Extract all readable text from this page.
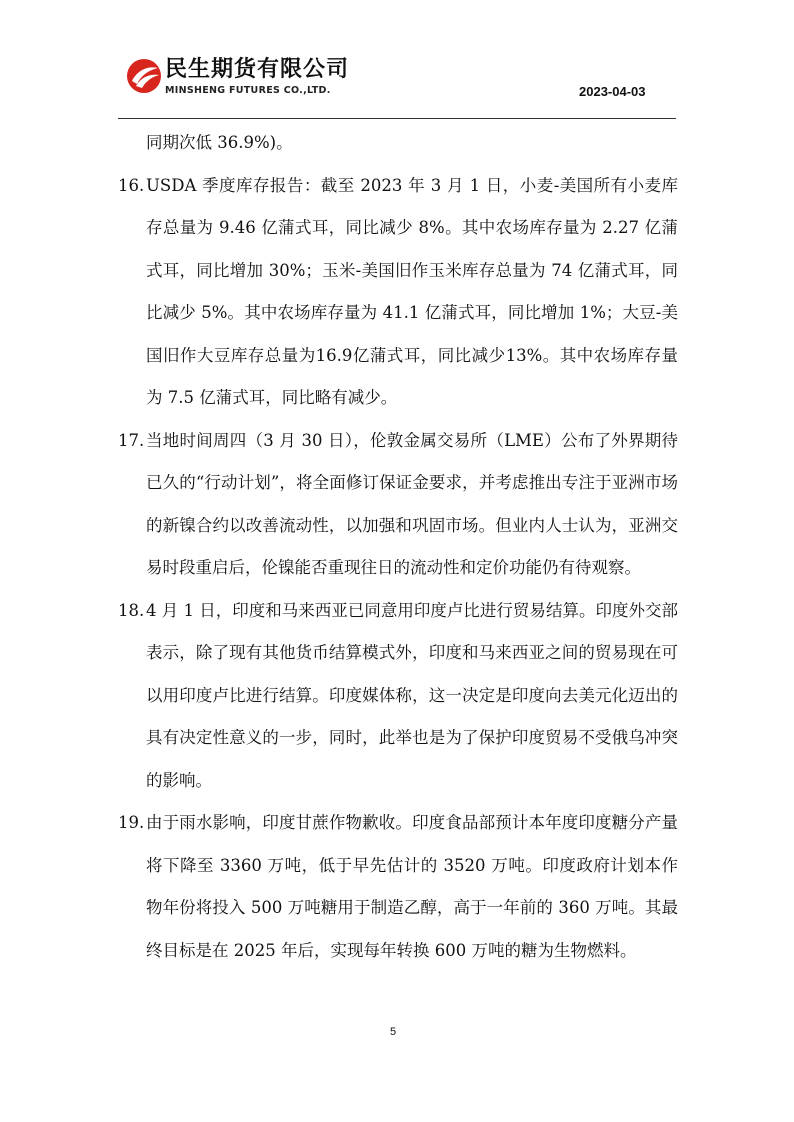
民生期货有限公司
MINSHENG FUTURES CO.,LTD.	2023-04-03

同期次低 36.9%)。

16. USDA 季度库存报告：截至 2023 年 3 月 1 日，小麦-美国所有小麦库存总量为 9.46 亿蒲式耳，同比减少 8%。其中农场库存量为 2.27 亿蒲式耳，同比增加 30%；玉米-美国旧作玉米库存总量为 74 亿蒲式耳，同比减少 5%。其中农场库存量为 41.1 亿蒲式耳，同比增加 1%；大豆-美国旧作大豆库存总量为16.9亿蒲式耳，同比减少13%。其中农场库存量为 7.5 亿蒲式耳，同比略有减少。

17. 当地时间周四（3 月 30 日），伦敦金属交易所（LME）公布了外界期待已久的“行动计划”，将全面修订保证金要求，并考虑推出专注于亚洲市场的新镍合约以改善流动性，以加强和巩固市场。但业内人士认为，亚洲交易时段重启后，伦镍能否重现往日的流动性和定价功能仍有待观察。

18. 4 月 1 日，印度和马来西亚已同意用印度卢比进行贸易结算。印度外交部表示，除了现有其他货币结算模式外，印度和马来西亚之间的贸易现在可以用印度卢比进行结算。印度媒体称，这一决定是印度向去美元化迈出的具有决定性意义的一步，同时，此举也是为了保护印度贸易不受俄乌冲突的影响。

19. 由于雨水影响，印度甘蔗作物歉收。印度食品部预计本年度印度糖分产量将下降至 3360 万吨，低于早先估计的 3520 万吨。印度政府计划本作物年份将投入 500 万吨糖用于制造乙醇，高于一年前的 360 万吨。其最终目标是在 2025 年后，实现每年转换 600 万吨的糖为生物燃料。

5
